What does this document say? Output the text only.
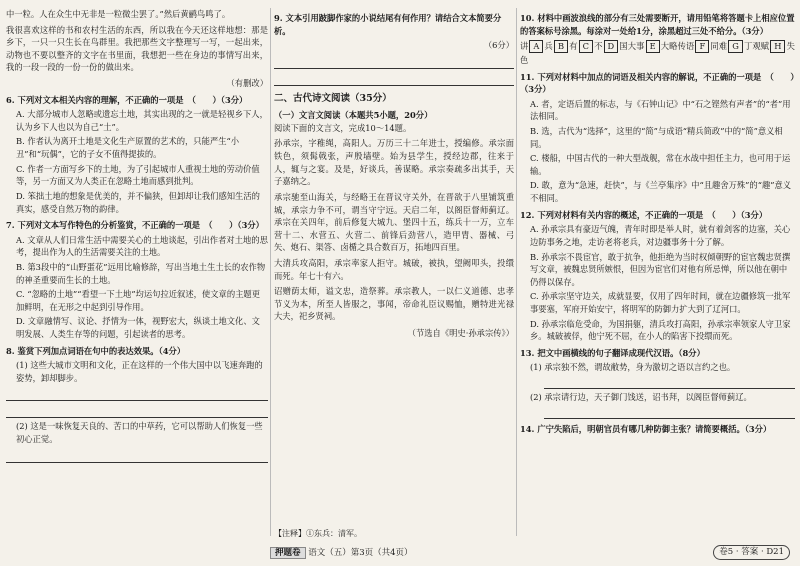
中一粒。人在众生中无非是一粒微尘罢了。”然后黄鹂鸟鸣了。

我很喜欢这样的书和农村生活的东西，所以我在今天还这样地想：那是乡下，一只一只生长在鸟群里。我把那些文字整理写一写，一起出来，动物也不要以整齐的文字在书里面，我想把一些在身边的事情写出来，我的一段一段的一份一份的做出来。

（有删改）

6. 下列对文本相关内容的理解，不正确的一项是　（　　）（3分）
A. 大部分城市人忽略或遗忘土地，其实出现的之一就是轻视乡下人，认为乡下人也以为自己“土”。
B. 作者认为离开土地是文化生产原置的艺术的，只能严生“小丑”和“玩偶”，它的子女不值得提拔的。
C. 作者一方面写乡下的土地，为了引起城市人重视土地的劳动价值等，另一方面又为人类正在忽略土地而感到批判。
D. 笨拙土地的想象是优美的，并不偏狭，但卸却让我们感知生活的真实，感受自然万物的韵律。
7. 下列对文本写作特色的分析鉴赏，不正确的一项是　（　　）（3分）
A. 文章从人们日常生活中需要关心的土地谈起，引出作者对土地的思考，提出作为人的生活需要关注的土地。
B. 第3段中的“山野蛋花”远用比喻修辞，写出当地土生土长的农作物的神圣重要而生长的土地。
C. “忽略的土地”“看望一下土地”均运句拉近叙述，使文章的主题更加鲜明，在无形之中起到引导作用。
D. 文章融情写、议论、抒情为一体，视野宏大，纵谈土地文化、文明发展、人类生存等的问题，引起读者的思考。
8. 鉴赏下列加点词语在句中的表达效果。（4分）
(1) 这些大城市文明和文化，正在这样的一个伟大国中以飞速奔跑的姿势，卸却脚步。
(2) 这是一味恢复天良的、苦口的中草药，它可以帮助人们恢复一些初心正觉。
9. 文本引用跛脚作家的小说结尾有何作用？请结合文本简要分析。
（6分）
二、古代诗文阅读（35分）
（一）文言文阅读（本题共5小题，20分）
阅读下面的文言文，完成10～14题。

孙承宗，字稚绳，高阳人。万历三十二年进士，授编修。承宗面铁色，须髯戟张，声殷墙壁。始为县学生，授经边郡，往来于人，辄与之宴。及是，好谈兵，善谋略。承宗奏疏多出其手，天子嘉纳之。

承宗驰至山海关，与经略王在晋议守关外，在晋欲于八里铺筑重城，承宗力争不可，谓当守宁远。天启二年，以阁臣督师蓟辽。承宗在关四年，前后修复大城九、堡四十五，练兵十一万，立车营十二、水营五、火营二、前锋后劲营八，造甲胄、器械、弓矢、炮石、渠答、卤楯之具合数百万，拓地四百里。

大清兵攻高阳，承宗率家人拒守。城破，被执，望阙叩头，投缳而死。年七十有六。

诏赠荫太师，谥文忠，造祭葬。承宗教人，一以仁义道德、忠孝节义为本，所至人皆服之，事闻，帝命礼臣议赐恤，赠特进光禄大夫，祀乡贤祠。

（节选自《明史·孙承宗传》）
【注释】①东兵：清军。
10. 材料中画波浪线的部分有三处需要断开，请用铅笔将答题卡上相应位置的答案标号涂黑。每涂对一处给1分，涂黑超过三处不给分。（3分）
讲 A 兵 B 有 C 不 D 国大事 E 大略传语 F 同难 G 丁观赋 H 失色
11. 下列对材料中加点的词语及相关内容的解说，不正确的一项是　（　　）（3分）
A. 者，定语后置的标志，与《石钟山记》中“石之铿然有声者”的“者”用法相同。
B. 选，古代为“选择”，这里的“简”与成语“精兵简政”中的“简”意义相同。
C. 楼船，中国古代的一种大型战舰，常在水战中担任主力，也可用于运输。
D. 敢，意为“急速，赶快”，与《兰亭集序》中“且趣舍万殊”的“趣”意义不相同。
12. 下列对材料有关内容的概述，不正确的一项是　（　　）（3分）
A. 孙承宗具有豪迈气魄，青年时即是举人时，就有着剑客的边塞，关心边防事务之地，走访老将老兵，对边疆事务十分了解。
B. 孙承宗不畏宦官，敢于抗争，他拒绝为当时权倾朝野的宦官魏忠贤撰写文章，被魏忠贤所嫉恨，但因为宦官们对他有所忌惮，所以他在朝中仍得以保存。
C. 孙承宗坚守边关，成就显要，仅用了四年时间，就在边疆修筑一批军事要塞，军府开始安宁，将明军的防御力扩大到了辽河口。
D. 孙承宗临危受命，为国捐躯，清兵攻打高阳，孙承宗率领家人守卫家乡。城破被俘，他宁死不屈，在小人的陷害下投缳而死。
13. 把文中画横线的句子翻译成现代汉语。（8分）
(1) 承宗独不然，谓故敝势，身为激切之语以言约之也。
(2) 承宗请行边，天子御门饯送，诏书拜，以阁臣督师蓟辽。
14. 广宁失陷后，明朝官员有哪几种防御主张？请简要概括。（3分）
押题卷 语文（五）第3页（共4页）	卷5 · 答案 · D21
